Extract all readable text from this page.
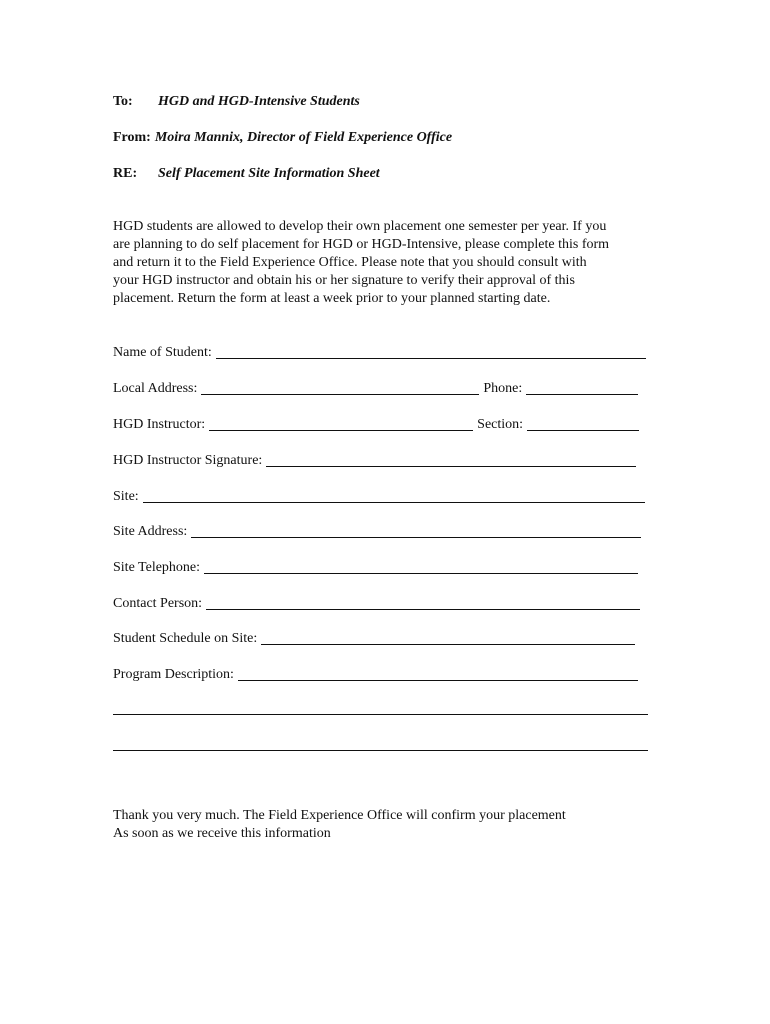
To: HGD and HGD-Intensive Students
From: Moira Mannix, Director of Field Experience Office
RE: Self Placement Site Information Sheet
HGD students are allowed to develop their own placement one semester per year. If you
are planning to do self placement for HGD or HGD-Intensive, please complete this form
and return it to the Field Experience Office. Please note that you should consult with
your HGD instructor and obtain his or her signature to verify their approval of this
placement. Return the form at least a week prior to your planned starting date.
Name of Student:
Local Address:	Phone:
HGD Instructor:	Section:
HGD Instructor Signature:
Site:
Site Address:
Site Telephone:
Contact Person:
Student Schedule on Site:
Program Description:
Thank you very much. The Field Experience Office will confirm your placement
As soon as we receive this information
